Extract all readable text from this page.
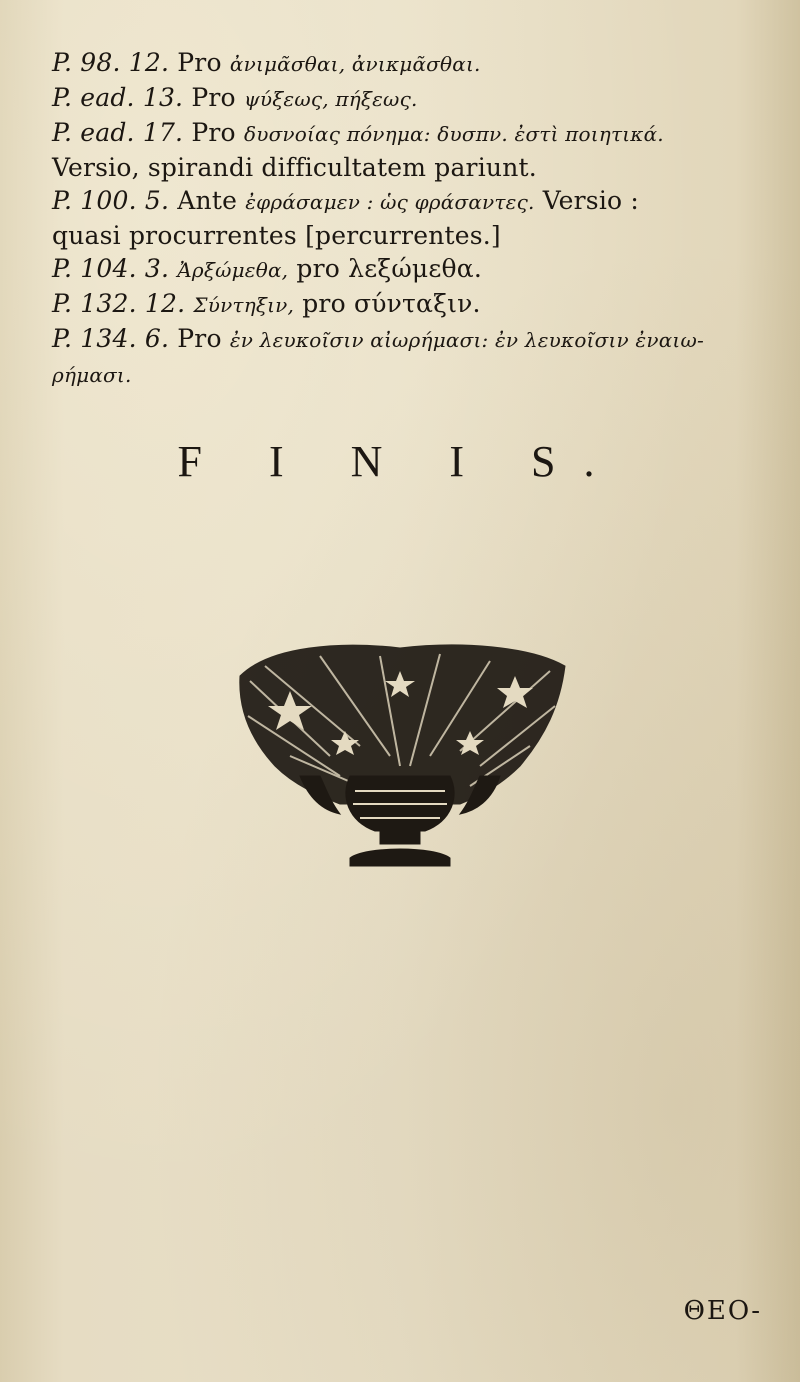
P. 98. 12. Pro ἀνιμᾶσθαι, ἀνικμᾶσθαι.
P. ead. 13. Pro ψύξεως, πήξεως.
P. ead. 17. Pro δυσνοίας πόνημα: δυσπν. ἐστὶ ποιητικά.
Versio, spirandi difficultatem pariunt.
P. 100. 5. Ante ἐφράσαμεν : ὡς φράσαντες. Versio :
quasi procurrentes [percurrentes.]
P. 104. 3. Ἀρξώμεθα, pro λεξώμεθα.
P. 132. 12. Σύντηξιν, pro σύνταξιν.
P. 134. 6. Pro ἐν λευκοῖσιν αἰωρήμασι: ἐν λευκοῖσιν ἐναιω-
ρήμασι.
F I N I S.
ΘΕΟ-
